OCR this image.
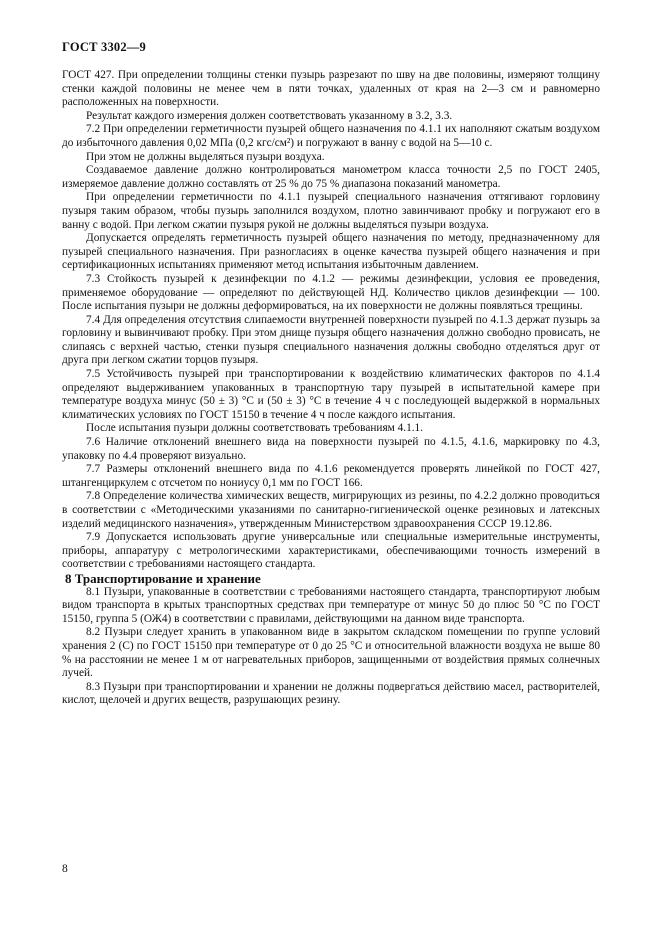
ГОСТ 3302—9

ГОСТ 427. При определении толщины стенки пузырь разрезают по шву на две половины, измеряют толщину стенки каждой половины не менее чем в пяти точках, удаленных от края на 2—3 см и равномерно расположенных на поверхности.

Результат каждого измерения должен соответствовать указанному в 3.2, 3.3.

7.2 При определении герметичности пузырей общего назначения по 4.1.1 их наполняют сжатым воздухом до избыточного давления 0,02 МПа (0,2 кгс/см²) и погружают в ванну с водой на 5—10 с.

При этом не должны выделяться пузыри воздуха.

Создаваемое давление должно контролироваться манометром класса точности 2,5 по ГОСТ 2405, измеряемое давление должно составлять от 25 % до 75 % диапазона показаний манометра.

При определении герметичности по 4.1.1 пузырей специального назначения оттягивают горловину пузыря таким образом, чтобы пузырь заполнился воздухом, плотно завинчивают пробку и погружают его в ванну с водой. При легком сжатии пузыря рукой не должны выделяться пузыри воздуха.

Допускается определять герметичность пузырей общего назначения по методу, предназначенному для пузырей специального назначения. При разногласиях в оценке качества пузырей общего назначения и при сертификационных испытаниях применяют метод испытания избыточным давлением.

7.3 Стойкость пузырей к дезинфекции по 4.1.2 — режимы дезинфекции, условия ее проведения, применяемое оборудование — определяют по действующей НД. Количество циклов дезинфекции — 100. После испытания пузыри не должны деформироваться, на их поверхности не должны появляться трещины.

7.4 Для определения отсутствия слипаемости внутренней поверхности пузырей по 4.1.3 держат пузырь за горловину и вывинчивают пробку. При этом днище пузыря общего назначения должно свободно провисать, не слипаясь с верхней частью, стенки пузыря специального назначения должны свободно отделяться друг от друга при легком сжатии торцов пузыря.

7.5 Устойчивость пузырей при транспортировании к воздействию климатических факторов по 4.1.4 определяют выдерживанием упакованных в транспортную тару пузырей в испытательной камере при температуре воздуха минус (50 ± 3) °С и (50 ± 3) °С в течение 4 ч с последующей выдержкой в нормальных климатических условиях по ГОСТ 15150 в течение 4 ч после каждого испытания.

После испытания пузыри должны соответствовать требованиям 4.1.1.

7.6 Наличие отклонений внешнего вида на поверхности пузырей по 4.1.5, 4.1.6, маркировку по 4.3, упаковку по 4.4 проверяют визуально.

7.7 Размеры отклонений внешнего вида по 4.1.6 рекомендуется проверять линейкой по ГОСТ 427, штангенциркулем с отсчетом по нониусу 0,1 мм по ГОСТ 166.

7.8 Определение количества химических веществ, мигрирующих из резины, по 4.2.2 должно проводиться в соответствии с «Методическими указаниями по санитарно-гигиенической оценке резиновых и латексных изделий медицинского назначения», утвержденным Министерством здравоохранения СССР 19.12.86.

7.9 Допускается использовать другие универсальные или специальные измерительные инструменты, приборы, аппаратуру с метрологическими характеристиками, обеспечивающими точность измерений в соответствии с требованиями настоящего стандарта.

8 Транспортирование и хранение

8.1 Пузыри, упакованные в соответствии с требованиями настоящего стандарта, транспортируют любым видом транспорта в крытых транспортных средствах при температуре от минус 50 до плюс 50 °С по ГОСТ 15150, группа 5 (ОЖ4) в соответствии с правилами, действующими на данном виде транспорта.

8.2 Пузыри следует хранить в упакованном виде в закрытом складском помещении по группе условий хранения 2 (С) по ГОСТ 15150 при температуре от 0 до 25 °С и относительной влажности воздуха не выше 80 % на расстоянии не менее 1 м от нагревательных приборов, защищенными от воздействия прямых солнечных лучей.

8.3 Пузыри при транспортировании и хранении не должны подвергаться действию масел, растворителей, кислот, щелочей и других веществ, разрушающих резину.

8
